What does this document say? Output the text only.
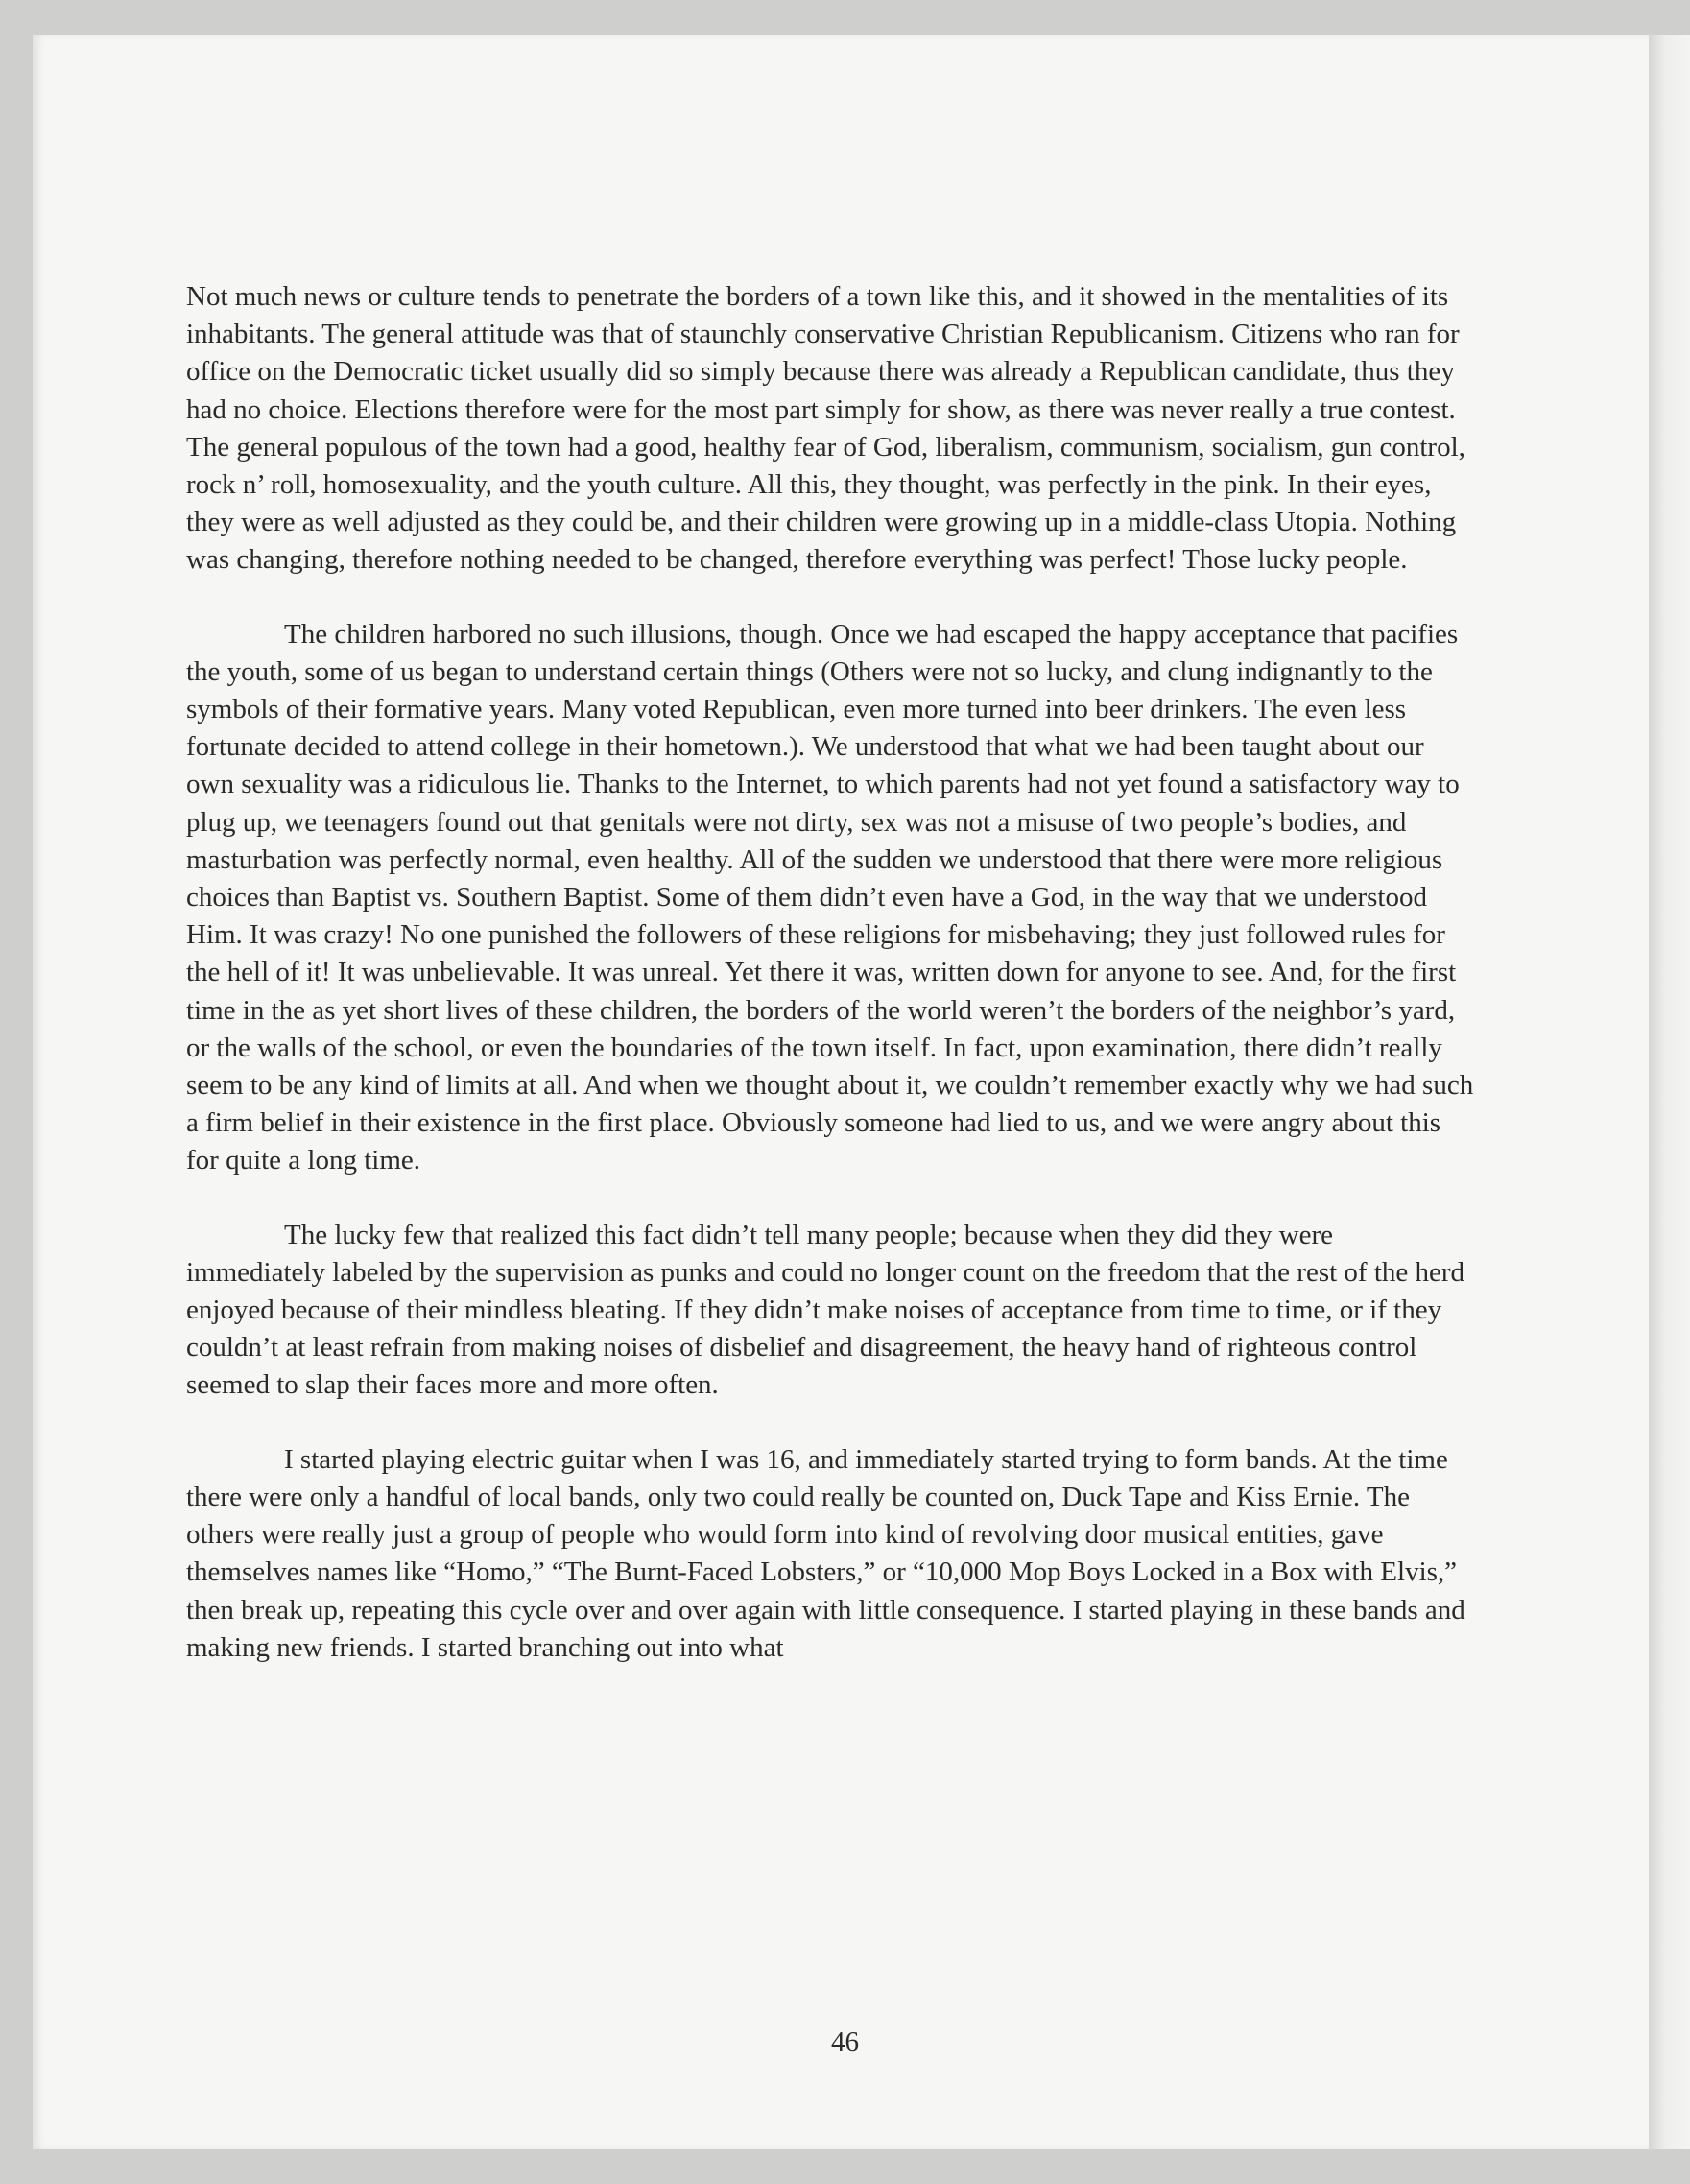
Not much news or culture tends to penetrate the borders of a town like this, and it showed in the mentalities of its inhabitants. The general attitude was that of staunchly conservative Christian Republicanism. Citizens who ran for office on the Democratic ticket usually did so simply because there was already a Republican candidate, thus they had no choice. Elections therefore were for the most part simply for show, as there was never really a true contest. The general populous of the town had a good, healthy fear of God, liberalism, communism, socialism, gun control, rock n’ roll, homosexuality, and the youth culture. All this, they thought, was perfectly in the pink. In their eyes, they were as well adjusted as they could be, and their children were growing up in a middle-class Utopia. Nothing was changing, therefore nothing needed to be changed, therefore everything was perfect! Those lucky people.

The children harbored no such illusions, though. Once we had escaped the happy acceptance that pacifies the youth, some of us began to understand certain things (Others were not so lucky, and clung indignantly to the symbols of their formative years. Many voted Republican, even more turned into beer drinkers. The even less fortunate decided to attend college in their hometown.). We understood that what we had been taught about our own sexuality was a ridiculous lie. Thanks to the Internet, to which parents had not yet found a satisfactory way to plug up, we teenagers found out that genitals were not dirty, sex was not a misuse of two people’s bodies, and masturbation was perfectly normal, even healthy. All of the sudden we understood that there were more religious choices than Baptist vs. Southern Baptist. Some of them didn’t even have a God, in the way that we understood Him. It was crazy! No one punished the followers of these religions for misbehaving; they just followed rules for the hell of it! It was unbelievable. It was unreal. Yet there it was, written down for anyone to see. And, for the first time in the as yet short lives of these children, the borders of the world weren’t the borders of the neighbor’s yard, or the walls of the school, or even the boundaries of the town itself. In fact, upon examination, there didn’t really seem to be any kind of limits at all. And when we thought about it, we couldn’t remember exactly why we had such a firm belief in their existence in the first place. Obviously someone had lied to us, and we were angry about this for quite a long time.

The lucky few that realized this fact didn’t tell many people; because when they did they were immediately labeled by the supervision as punks and could no longer count on the freedom that the rest of the herd enjoyed because of their mindless bleating. If they didn’t make noises of acceptance from time to time, or if they couldn’t at least refrain from making noises of disbelief and disagreement, the heavy hand of righteous control seemed to slap their faces more and more often.

I started playing electric guitar when I was 16, and immediately started trying to form bands. At the time there were only a handful of local bands, only two could really be counted on, Duck Tape and Kiss Ernie. The others were really just a group of people who would form into kind of revolving door musical entities, gave themselves names like “Homo,” “The Burnt-Faced Lobsters,” or “10,000 Mop Boys Locked in a Box with Elvis,” then break up, repeating this cycle over and over again with little consequence. I started playing in these bands and making new friends. I started branching out into what

46
